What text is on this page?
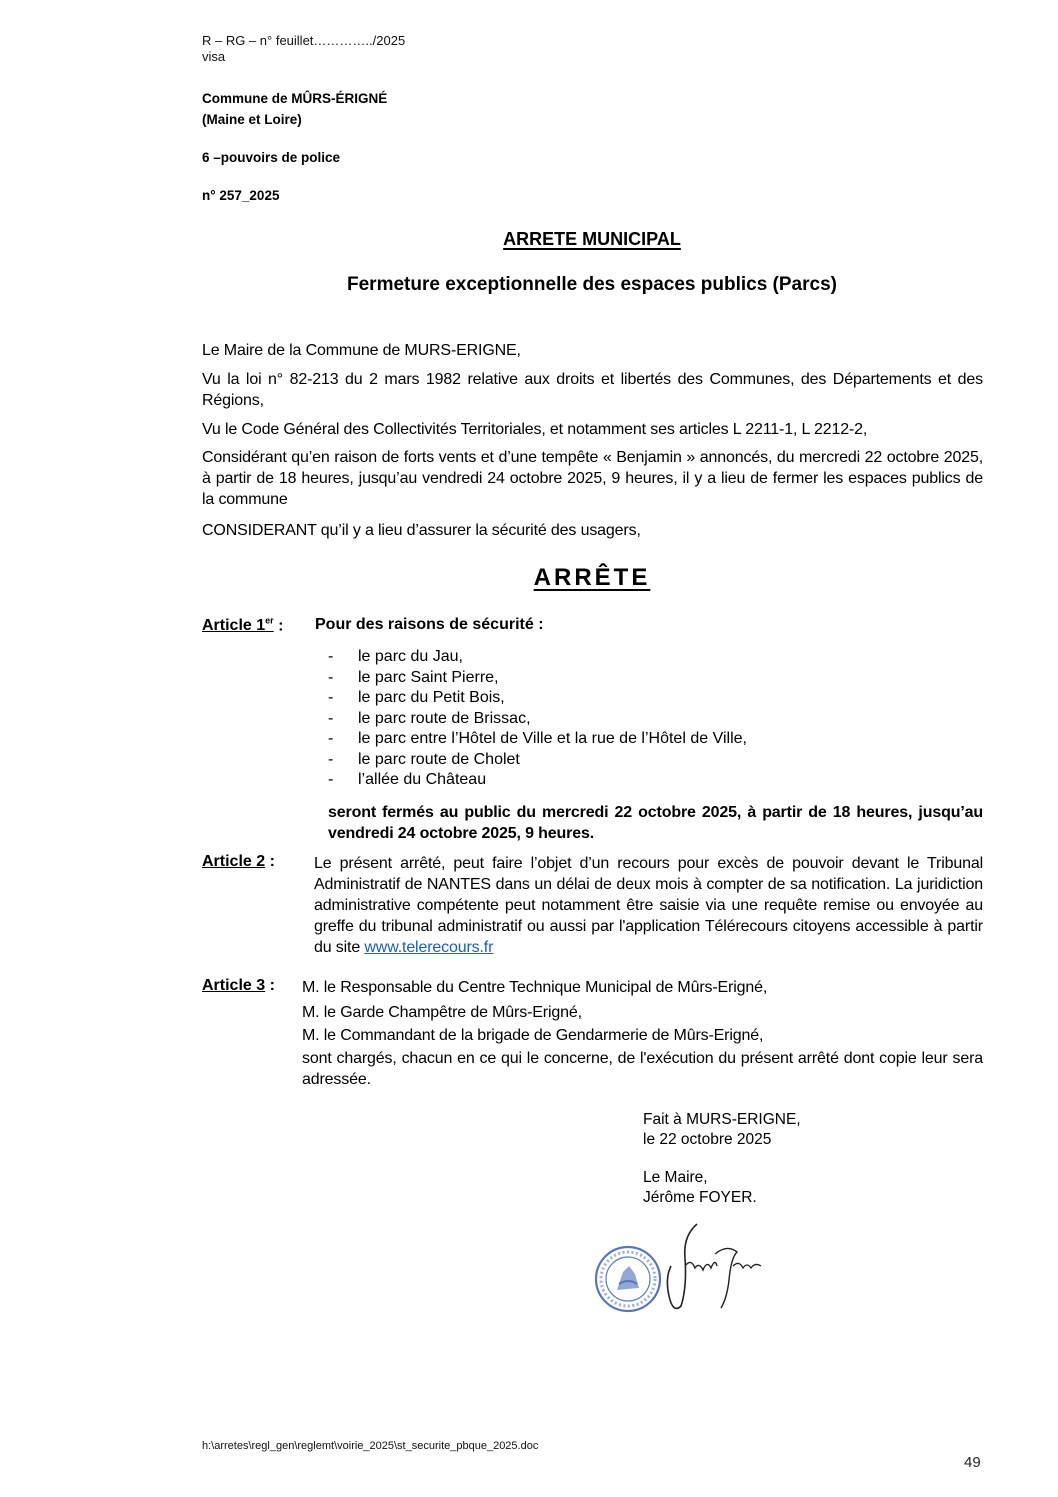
R – RG – n° feuillet…………../2025
visa
Commune de MÛRS-ÉRIGNÉ
(Maine et Loire)
6 –pouvoirs de police
n° 257_2025
ARRETE MUNICIPAL
Fermeture exceptionnelle des espaces publics (Parcs)
Le Maire de la Commune de MURS-ERIGNE,
Vu la loi n° 82-213 du 2 mars 1982 relative aux droits et libertés des Communes, des Départements et des Régions,
Vu le Code Général des Collectivités Territoriales, et notamment ses articles L 2211-1, L 2212-2,
Considérant qu’en raison de forts vents et d’une tempête « Benjamin » annoncés, du mercredi 22 octobre 2025, à partir de 18 heures, jusqu’au vendredi 24 octobre 2025, 9 heures, il y a lieu de fermer les espaces publics de la commune
CONSIDERANT qu’il y a lieu d’assurer la sécurité des usagers,
ARRÊTE
Article 1er : Pour des raisons de sécurité :
- le parc du Jau,
- le parc Saint Pierre,
- le parc du Petit Bois,
- le parc route de Brissac,
- le parc entre l’Hôtel de Ville et la rue de l’Hôtel de Ville,
- le parc route de Cholet
- l’allée du Château
seront fermés au public du mercredi 22 octobre 2025, à partir de 18 heures, jusqu’au vendredi 24 octobre 2025, 9 heures.
Article 2 : Le présent arrêté, peut faire l’objet d’un recours pour excès de pouvoir devant le Tribunal Administratif de NANTES dans un délai de deux mois à compter de sa notification. La juridiction administrative compétente peut notamment être saisie via une requête remise ou envoyée au greffe du tribunal administratif ou aussi par l'application Télérecours citoyens accessible à partir du site www.telerecours.fr
Article 3 : M. le Responsable du Centre Technique Municipal de Mûrs-Erigné,
M. le Garde Champêtre de Mûrs-Erigné,
M. le Commandant de la brigade de Gendarmerie de Mûrs-Erigné,
sont chargés, chacun en ce qui le concerne, de l'exécution du présent arrêté dont copie leur sera adressée.
Fait à MURS-ERIGNE,
le 22 octobre 2025
Le Maire,
Jérôme FOYER.
h:\arretes\regl_gen\reglemt\voirie_2025\st_securite_pbque_2025.doc
49
